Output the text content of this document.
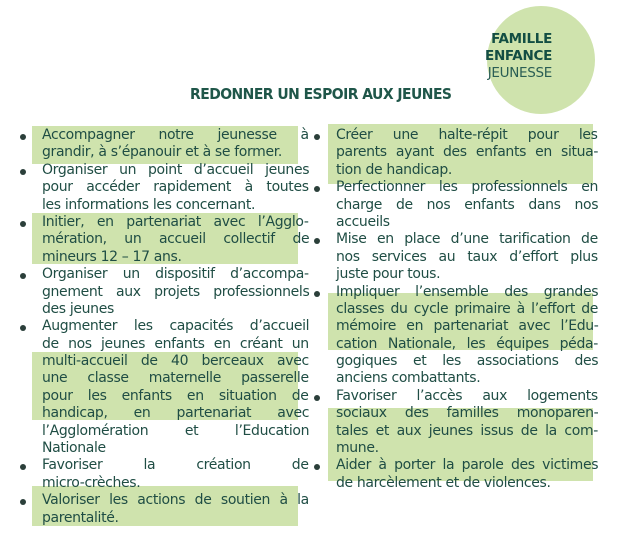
FAMILLE
ENFANCE
JEUNESSE
REDONNER UN ESPOIR AUX JEUNES
Accompagner notre jeunesse à
grandir, à s’épanouir et à se former.
Organiser un point d’accueil jeunes
pour accéder rapidement à toutes
les informations les concernant.
Initier, en partenariat avec l’Agglo-
mération, un accueil collectif de
mineurs 12 – 17 ans.
Organiser un dispositif d’accompa-
gnement aux projets professionnels
des jeunes
Augmenter les capacités d’accueil
de nos jeunes enfants en créant un
multi-accueil de 40 berceaux avec
une classe maternelle passerelle
pour les enfants en situation de
handicap, en partenariat avec
l’Agglomération et l’Education
Nationale
Favoriser la création de
micro-crèches.
Valoriser les actions de soutien à la
parentalité.
Créer une halte-répit pour les
parents ayant des enfants en situa-
tion de handicap.
Perfectionner les professionnels en
charge de nos enfants dans nos
accueils
Mise en place d’une tarification de
nos services au taux d’effort plus
juste pour tous.
Impliquer l’ensemble des grandes
classes du cycle primaire à l’effort de
mémoire en partenariat avec l’Edu-
cation Nationale, les équipes péda-
gogiques et les associations des
anciens combattants.
Favoriser l’accès aux logements
sociaux des familles monoparen-
tales et aux jeunes issus de la com-
mune.
Aider à porter la parole des victimes
de harcèlement et de violences.
